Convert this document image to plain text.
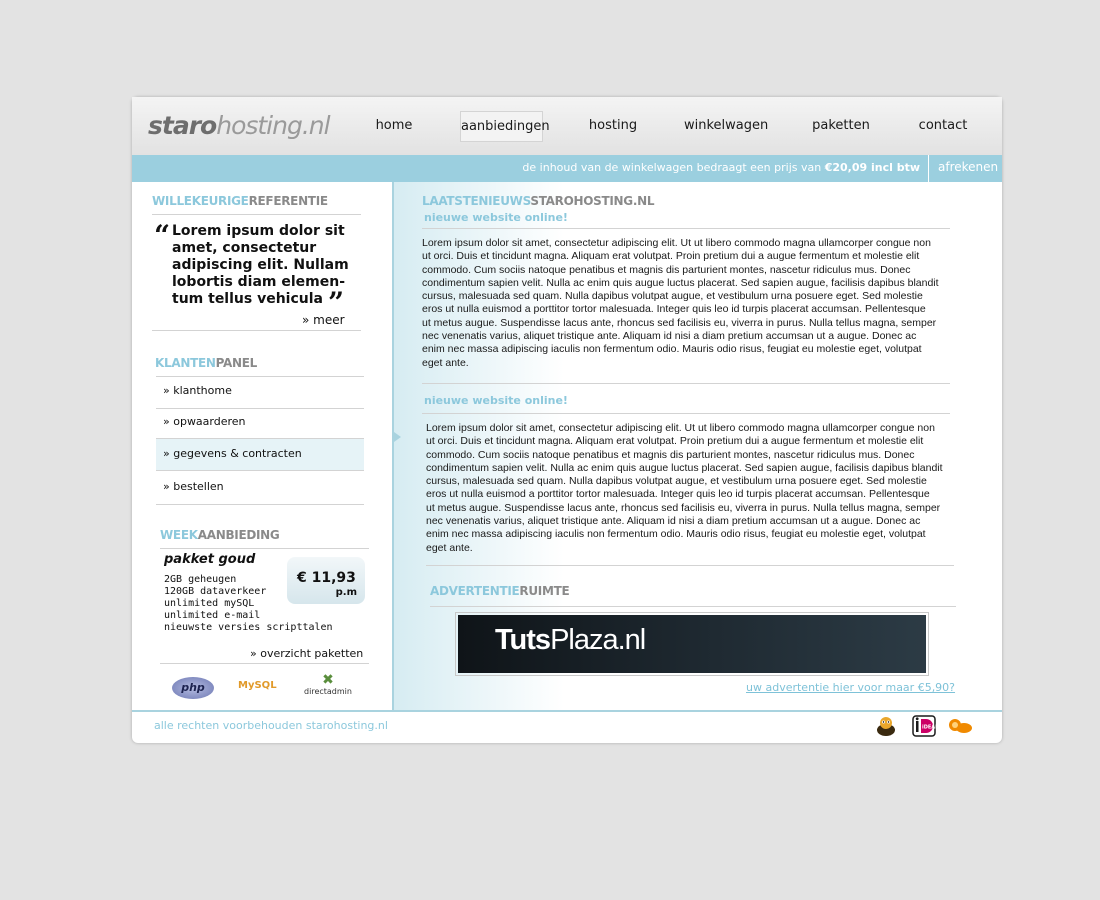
starohosting.nl	home	aanbiedingen	hosting	winkelwagen	paketten	contact
de inhoud van de winkelwagen bedraagt een prijs van €20,09 incl btw afrekenen
WILLEKEURIGEREFERENTIE
“ Lorem ipsum dolor sit
amet, consectetur
adipiscing elit. Nullam
lobortis diam elemen-
tum tellus vehicula ”
» meer
KLANTENPANEL
» klanthome
» opwaarderen
» gegevens & contracten
» bestellen
WEEKAANBIEDING
pakket goud
2GB geheugen
120GB dataverkeer
unlimited mySQL
unlimited e-mail
nieuwste versies scripttalen
€ 11,93
p.m
» overzicht paketten
php	MySQL	✖
directadmin
LAATSTENIEUWSSTAROHOSTING.NL
nieuwe website online!
Lorem ipsum dolor sit amet, consectetur adipiscing elit. Ut ut libero commodo magna ullamcorper congue non
ut orci. Duis et tincidunt magna. Aliquam erat volutpat. Proin pretium dui a augue fermentum et molestie elit
commodo. Cum sociis natoque penatibus et magnis dis parturient montes, nascetur ridiculus mus. Donec
condimentum sapien velit. Nulla ac enim quis augue luctus placerat. Sed sapien augue, facilisis dapibus blandit
cursus, malesuada sed quam. Nulla dapibus volutpat augue, et vestibulum urna posuere eget. Sed molestie
eros ut nulla euismod a porttitor tortor malesuada. Integer quis leo id turpis placerat accumsan. Pellentesque
ut metus augue. Suspendisse lacus ante, rhoncus sed facilisis eu, viverra in purus. Nulla tellus magna, semper
nec venenatis varius, aliquet tristique ante. Aliquam id nisi a diam pretium accumsan ut a augue. Donec ac
enim nec massa adipiscing iaculis non fermentum odio. Mauris odio risus, feugiat eu molestie eget, volutpat
eget ante.
nieuwe website online!
Lorem ipsum dolor sit amet, consectetur adipiscing elit. Ut ut libero commodo magna ullamcorper congue non
ut orci. Duis et tincidunt magna. Aliquam erat volutpat. Proin pretium dui a augue fermentum et molestie elit
commodo. Cum sociis natoque penatibus et magnis dis parturient montes, nascetur ridiculus mus. Donec
condimentum sapien velit. Nulla ac enim quis augue luctus placerat. Sed sapien augue, facilisis dapibus blandit
cursus, malesuada sed quam. Nulla dapibus volutpat augue, et vestibulum urna posuere eget. Sed molestie
eros ut nulla euismod a porttitor tortor malesuada. Integer quis leo id turpis placerat accumsan. Pellentesque
ut metus augue. Suspendisse lacus ante, rhoncus sed facilisis eu, viverra in purus. Nulla tellus magna, semper
nec venenatis varius, aliquet tristique ante. Aliquam id nisi a diam pretium accumsan ut a augue. Donec ac
enim nec massa adipiscing iaculis non fermentum odio. Mauris odio risus, feugiat eu molestie eget, volutpat
eget ante.
ADVERTENTIERUIMTE
TutsPlaza.nl
uw advertentie hier voor maar €5,90?
alle rechten voorbehouden starohosting.nl	iDEAL
